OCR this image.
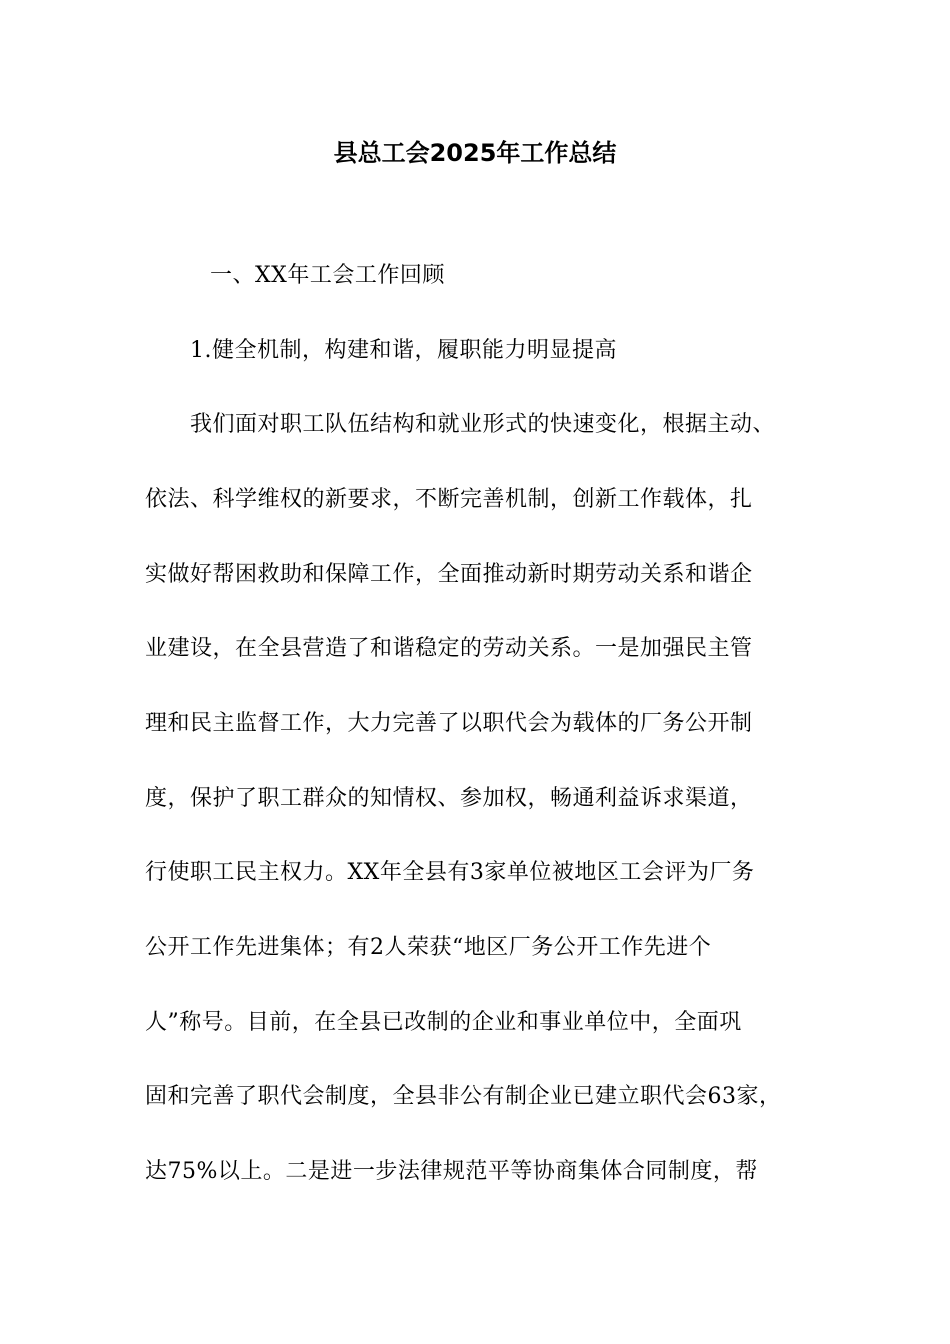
县总工会2025年工作总结
一、XX年工会工作回顾
1.健全机制，构建和谐，履职能力明显提高
我们面对职工队伍结构和就业形式的快速变化，根据主动、
依法、科学维权的新要求，不断完善机制，创新工作载体，扎
实做好帮困救助和保障工作，全面推动新时期劳动关系和谐企
业建设，在全县营造了和谐稳定的劳动关系。一是加强民主管
理和民主监督工作，大力完善了以职代会为载体的厂务公开制
度，保护了职工群众的知情权、参加权，畅通利益诉求渠道，
行使职工民主权力。XX年全县有3家单位被地区工会评为厂务
公开工作先进集体；有2人荣获“地区厂务公开工作先进个
人”称号。目前，在全县已改制的企业和事业单位中，全面巩
固和完善了职代会制度，全县非公有制企业已建立职代会63家，
达75%以上。二是进一步法律规范平等协商集体合同制度，帮
